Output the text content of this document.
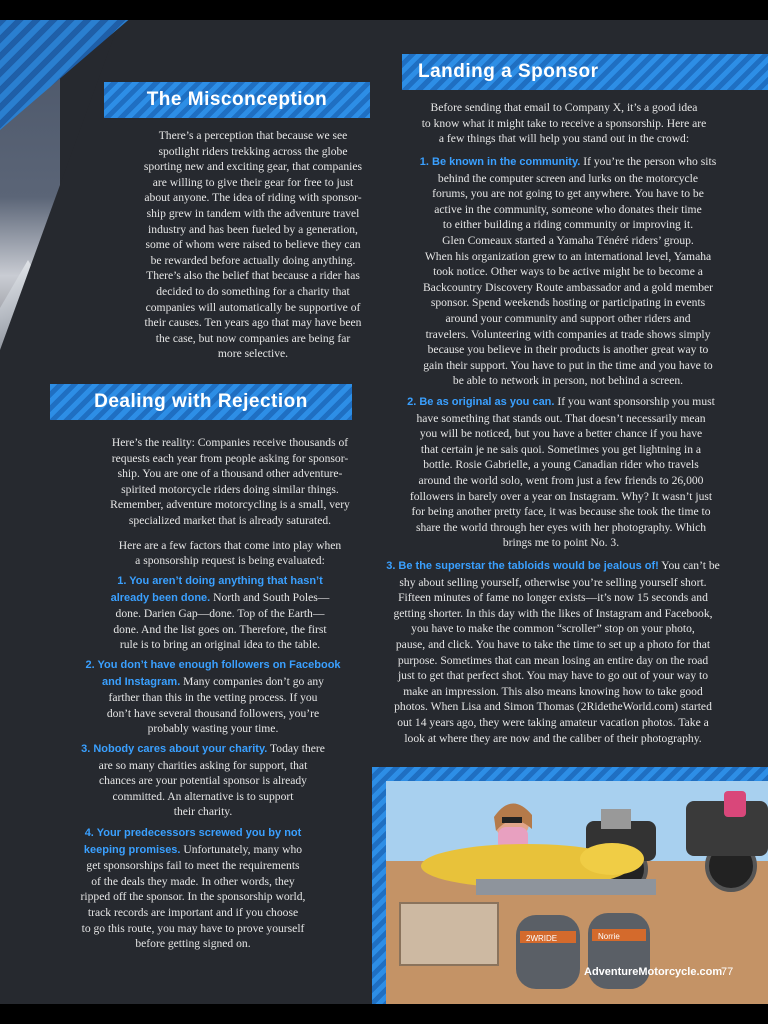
The Misconception

There’s a perception that because we see

spotlight riders trekking across the globe

sporting new and exciting gear, that companies

are willing to give their gear for free to just

about anyone. The idea of riding with sponsor-

ship grew in tandem with the adventure travel

industry and has been fueled by a generation,

some of whom were raised to believe they can

be rewarded before actually doing anything.

There’s also the belief that because a rider has

decided to do something for a charity that

companies will automatically be supportive of

their causes. Ten years ago that may have been

the case, but now companies are being far

more selective.

Dealing with Rejection

Here’s the reality: Companies receive thousands of

requests each year from people asking for sponsor-

ship. You are one of a thousand other adventure-

spirited motorcycle riders doing similar things.

Remember, adventure motorcycling is a small, very

specialized market that is already saturated.

Here are a few factors that come into play when

a sponsorship request is being evaluated:

1. You aren’t doing anything that hasn’t

already been done. North and South Poles—

done. Darien Gap—done. Top of the Earth—

done. And the list goes on. Therefore, the first

rule is to bring an original idea to the table.

2. You don’t have enough followers on Facebook

and Instagram. Many companies don’t go any

farther than this in the vetting process. If you

don’t have several thousand followers, you’re

probably wasting your time.

3. Nobody cares about your charity. Today there

are so many charities asking for support, that

chances are your potential sponsor is already

committed. An alternative is to support

their charity.

4. Your predecessors screwed you by not

keeping promises. Unfortunately, many who

get sponsorships fail to meet the requirements

of the deals they made. In other words, they

ripped off the sponsor. In the sponsorship world,

track records are important and if you choose

to go this route, you may have to prove yourself

before getting signed on.

Landing a Sponsor

Before sending that email to Company X, it’s a good idea

to know what it might take to receive a sponsorship. Here are

a few things that will help you stand out in the crowd:

1. Be known in the community. If you’re the person who sits

behind the computer screen and lurks on the motorcycle

forums, you are not going to get anywhere. You have to be

active in the community, someone who donates their time

to either building a riding community or improving it.

Glen Comeaux started a Yamaha Ténéré riders’ group.

When his organization grew to an international level, Yamaha

took notice. Other ways to be active might be to become a

Backcountry Discovery Route ambassador and a gold member

sponsor. Spend weekends hosting or participating in events

around your community and support other riders and

travelers. Volunteering with companies at trade shows simply

because you believe in their products is another great way to

gain their support. You have to put in the time and you have to

be able to network in person, not behind a screen.

2. Be as original as you can. If you want sponsorship you must

have something that stands out. That doesn’t necessarily mean

you will be noticed, but you have a better chance if you have

that certain je ne sais quoi. Sometimes you get lightning in a

bottle. Rosie Gabrielle, a young Canadian rider who travels

around the world solo, went from just a few friends to 26,000

followers in barely over a year on Instagram. Why? It wasn’t just

for being another pretty face, it was because she took the time to

share the world through her eyes with her photography. Which

brings me to point No. 3.

3. Be the superstar the tabloids would be jealous of! You can’t be

shy about selling yourself, otherwise you’re selling yourself short.

Fifteen minutes of fame no longer exists—it’s now 15 seconds and

getting shorter. In this day with the likes of Instagram and Facebook,

you have to make the common “scroller” stop on your photo,

pause, and click. You have to take the time to set up a photo for that

purpose. Sometimes that can mean losing an entire day on the road

just to get that perfect shot. You may have to go out of your way to

make an impression. This also means knowing how to take good

photos. When Lisa and Simon Thomas (2RidetheWorld.com) started

out 14 years ago, they were taking amateur vacation photos. Take a

look at where they are now and the caliber of their photography.

2WRIDE	Norrie
AdventureMotorcycle.com
77
